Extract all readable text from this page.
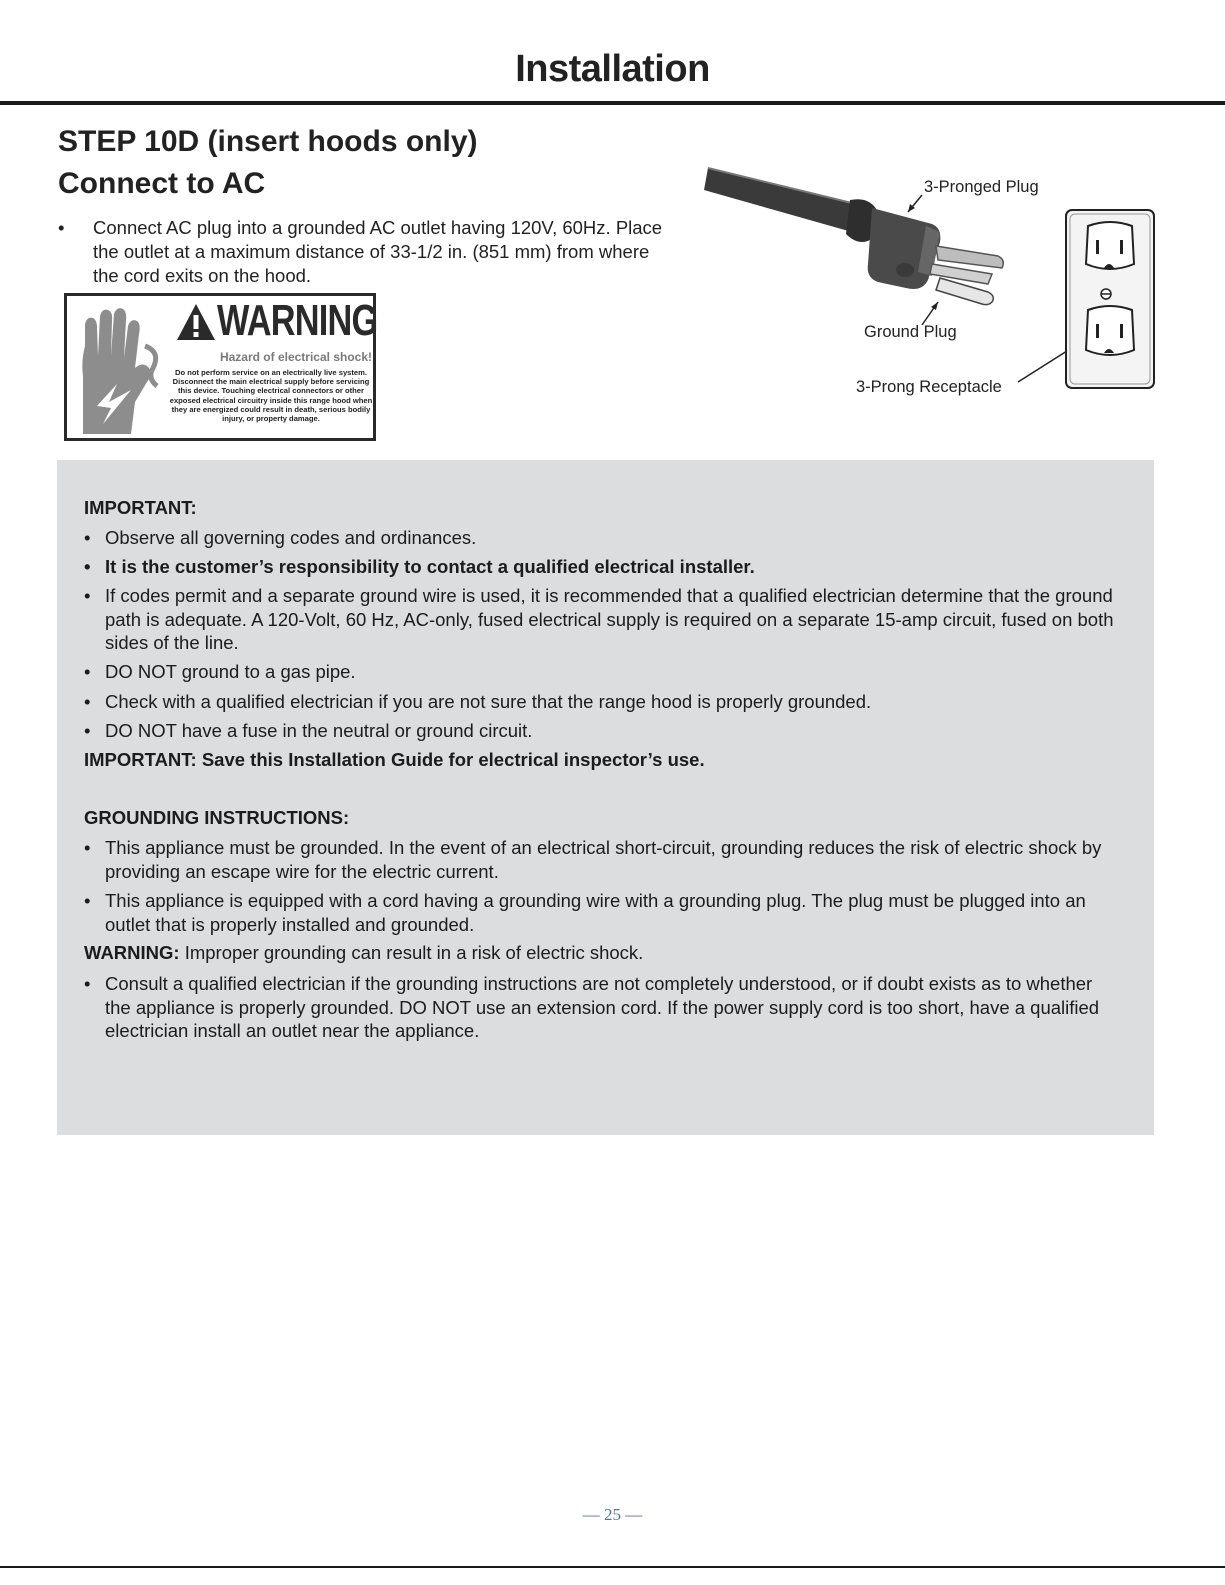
Installation
STEP 10D (insert hoods only)
Connect to AC
•	Connect AC plug into a grounded AC outlet having 120V, 60Hz. Place the outlet at a maximum distance of 33-1/2 in. (851 mm) from where the cord exits on the hood.
WARNING
Hazard of electrical shock!
Do not perform service on an electrically live system. Disconnect the main electrical supply before servicing this device. Touching electrical connectors or other exposed electrical circuitry inside this range hood when they are energized could result in death, serious bodily injury, or property damage.
3-Pronged Plug
Ground Plug
3-Prong Receptacle
IMPORTANT:
• Observe all governing codes and ordinances.
• It is the customer’s responsibility to contact a qualified electrical installer.
• If codes permit and a separate ground wire is used, it is recommended that a qualified electrician determine that the ground path is adequate. A 120-Volt, 60 Hz, AC-only, fused electrical supply is required on a separate 15-amp circuit, fused on both sides of the line.
• DO NOT ground to a gas pipe.
• Check with a qualified electrician if you are not sure that the range hood is properly grounded.
• DO NOT have a fuse in the neutral or ground circuit.
IMPORTANT: Save this Installation Guide for electrical inspector’s use.
GROUNDING INSTRUCTIONS:
• This appliance must be grounded. In the event of an electrical short-circuit, grounding reduces the risk of electric shock by providing an escape wire for the electric current.
• This appliance is equipped with a cord having a grounding wire with a grounding plug. The plug must be plugged into an outlet that is properly installed and grounded.
WARNING: Improper grounding can result in a risk of electric shock.
• Consult a qualified electrician if the grounding instructions are not completely understood, or if doubt exists as to whether the appliance is properly grounded. DO NOT use an extension cord. If the power supply cord is too short, have a qualified electrician install an outlet near the appliance.
— 25 —
